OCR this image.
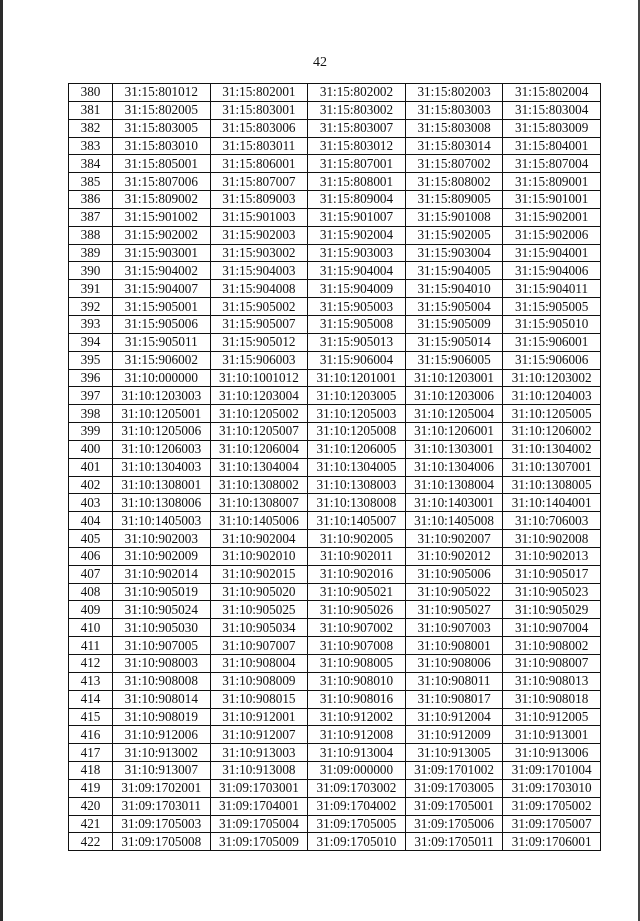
42
380	31:15:801012	31:15:802001	31:15:802002	31:15:802003	31:15:802004
381	31:15:802005	31:15:803001	31:15:803002	31:15:803003	31:15:803004
382	31:15:803005	31:15:803006	31:15:803007	31:15:803008	31:15:803009
383	31:15:803010	31:15:803011	31:15:803012	31:15:803014	31:15:804001
384	31:15:805001	31:15:806001	31:15:807001	31:15:807002	31:15:807004
385	31:15:807006	31:15:807007	31:15:808001	31:15:808002	31:15:809001
386	31:15:809002	31:15:809003	31:15:809004	31:15:809005	31:15:901001
387	31:15:901002	31:15:901003	31:15:901007	31:15:901008	31:15:902001
388	31:15:902002	31:15:902003	31:15:902004	31:15:902005	31:15:902006
389	31:15:903001	31:15:903002	31:15:903003	31:15:903004	31:15:904001
390	31:15:904002	31:15:904003	31:15:904004	31:15:904005	31:15:904006
391	31:15:904007	31:15:904008	31:15:904009	31:15:904010	31:15:904011
392	31:15:905001	31:15:905002	31:15:905003	31:15:905004	31:15:905005
393	31:15:905006	31:15:905007	31:15:905008	31:15:905009	31:15:905010
394	31:15:905011	31:15:905012	31:15:905013	31:15:905014	31:15:906001
395	31:15:906002	31:15:906003	31:15:906004	31:15:906005	31:15:906006
396	31:10:000000	31:10:1001012	31:10:1201001	31:10:1203001	31:10:1203002
397	31:10:1203003	31:10:1203004	31:10:1203005	31:10:1203006	31:10:1204003
398	31:10:1205001	31:10:1205002	31:10:1205003	31:10:1205004	31:10:1205005
399	31:10:1205006	31:10:1205007	31:10:1205008	31:10:1206001	31:10:1206002
400	31:10:1206003	31:10:1206004	31:10:1206005	31:10:1303001	31:10:1304002
401	31:10:1304003	31:10:1304004	31:10:1304005	31:10:1304006	31:10:1307001
402	31:10:1308001	31:10:1308002	31:10:1308003	31:10:1308004	31:10:1308005
403	31:10:1308006	31:10:1308007	31:10:1308008	31:10:1403001	31:10:1404001
404	31:10:1405003	31:10:1405006	31:10:1405007	31:10:1405008	31:10:706003
405	31:10:902003	31:10:902004	31:10:902005	31:10:902007	31:10:902008
406	31:10:902009	31:10:902010	31:10:902011	31:10:902012	31:10:902013
407	31:10:902014	31:10:902015	31:10:902016	31:10:905006	31:10:905017
408	31:10:905019	31:10:905020	31:10:905021	31:10:905022	31:10:905023
409	31:10:905024	31:10:905025	31:10:905026	31:10:905027	31:10:905029
410	31:10:905030	31:10:905034	31:10:907002	31:10:907003	31:10:907004
411	31:10:907005	31:10:907007	31:10:907008	31:10:908001	31:10:908002
412	31:10:908003	31:10:908004	31:10:908005	31:10:908006	31:10:908007
413	31:10:908008	31:10:908009	31:10:908010	31:10:908011	31:10:908013
414	31:10:908014	31:10:908015	31:10:908016	31:10:908017	31:10:908018
415	31:10:908019	31:10:912001	31:10:912002	31:10:912004	31:10:912005
416	31:10:912006	31:10:912007	31:10:912008	31:10:912009	31:10:913001
417	31:10:913002	31:10:913003	31:10:913004	31:10:913005	31:10:913006
418	31:10:913007	31:10:913008	31:09:000000	31:09:1701002	31:09:1701004
419	31:09:1702001	31:09:1703001	31:09:1703002	31:09:1703005	31:09:1703010
420	31:09:1703011	31:09:1704001	31:09:1704002	31:09:1705001	31:09:1705002
421	31:09:1705003	31:09:1705004	31:09:1705005	31:09:1705006	31:09:1705007
422	31:09:1705008	31:09:1705009	31:09:1705010	31:09:1705011	31:09:1706001
